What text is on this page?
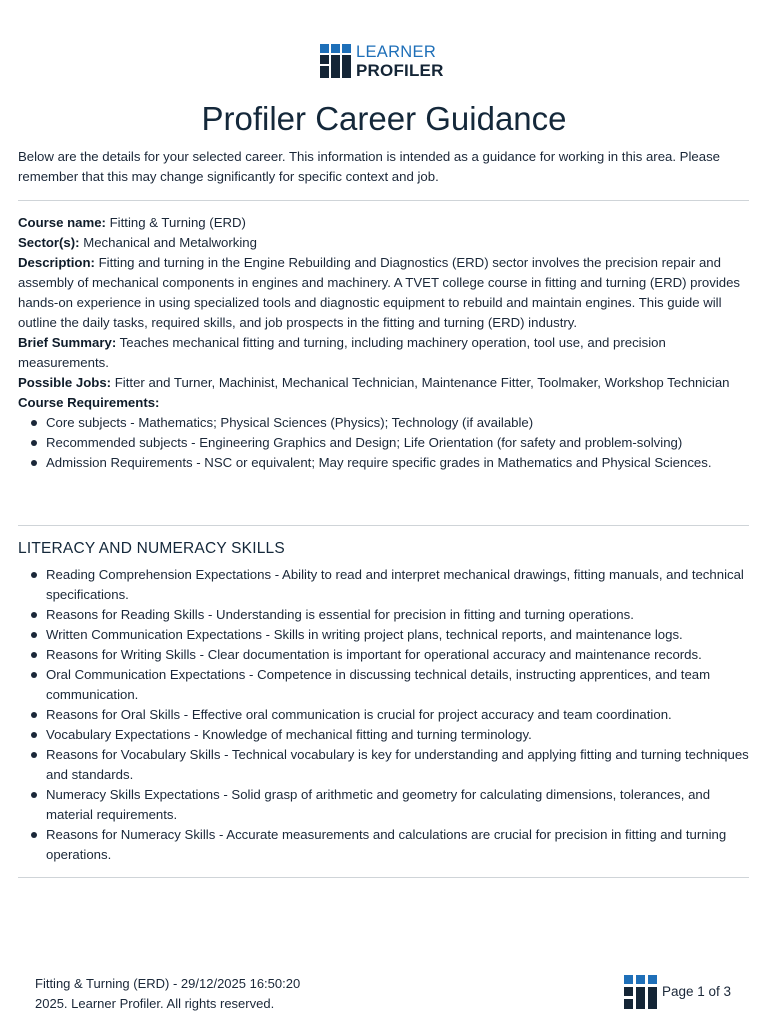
LEARNER
PROFILER
Profiler Career Guidance

Below are the details for your selected career. This information is intended as a guidance for working in this area. Please remember that this may change significantly for specific context and job.

Course name: Fitting & Turning (ERD)

Sector(s): Mechanical and Metalworking

Description: Fitting and turning in the Engine Rebuilding and Diagnostics (ERD) sector involves the precision repair and assembly of mechanical components in engines and machinery. A TVET college course in fitting and turning (ERD) provides hands-on experience in using specialized tools and diagnostic equipment to rebuild and maintain engines. This guide will outline the daily tasks, required skills, and job prospects in the fitting and turning (ERD) industry.

Brief Summary: Teaches mechanical fitting and turning, including machinery operation, tool use, and precision measurements.

Possible Jobs: Fitter and Turner, Machinist, Mechanical Technician, Maintenance Fitter, Toolmaker, Workshop Technician

Course Requirements:

Core subjects - Mathematics; Physical Sciences (Physics); Technology (if available)
Recommended subjects - Engineering Graphics and Design; Life Orientation (for safety and problem-solving)
Admission Requirements - NSC or equivalent; May require specific grades in Mathematics and Physical Sciences.
LITERACY AND NUMERACY SKILLS
Reading Comprehension Expectations - Ability to read and interpret mechanical drawings, fitting manuals, and technical specifications.
Reasons for Reading Skills - Understanding is essential for precision in fitting and turning operations.
Written Communication Expectations - Skills in writing project plans, technical reports, and maintenance logs.
Reasons for Writing Skills - Clear documentation is important for operational accuracy and maintenance records.
Oral Communication Expectations - Competence in discussing technical details, instructing apprentices, and team communication.
Reasons for Oral Skills - Effective oral communication is crucial for project accuracy and team coordination.
Vocabulary Expectations - Knowledge of mechanical fitting and turning terminology.
Reasons for Vocabulary Skills - Technical vocabulary is key for understanding and applying fitting and turning techniques and standards.
Numeracy Skills Expectations - Solid grasp of arithmetic and geometry for calculating dimensions, tolerances, and material requirements.
Reasons for Numeracy Skills - Accurate measurements and calculations are crucial for precision in fitting and turning operations.
Fitting & Turning (ERD) - 29/12/2025 16:50:20
2025. Learner Profiler. All rights reserved.
Page 1 of 3
